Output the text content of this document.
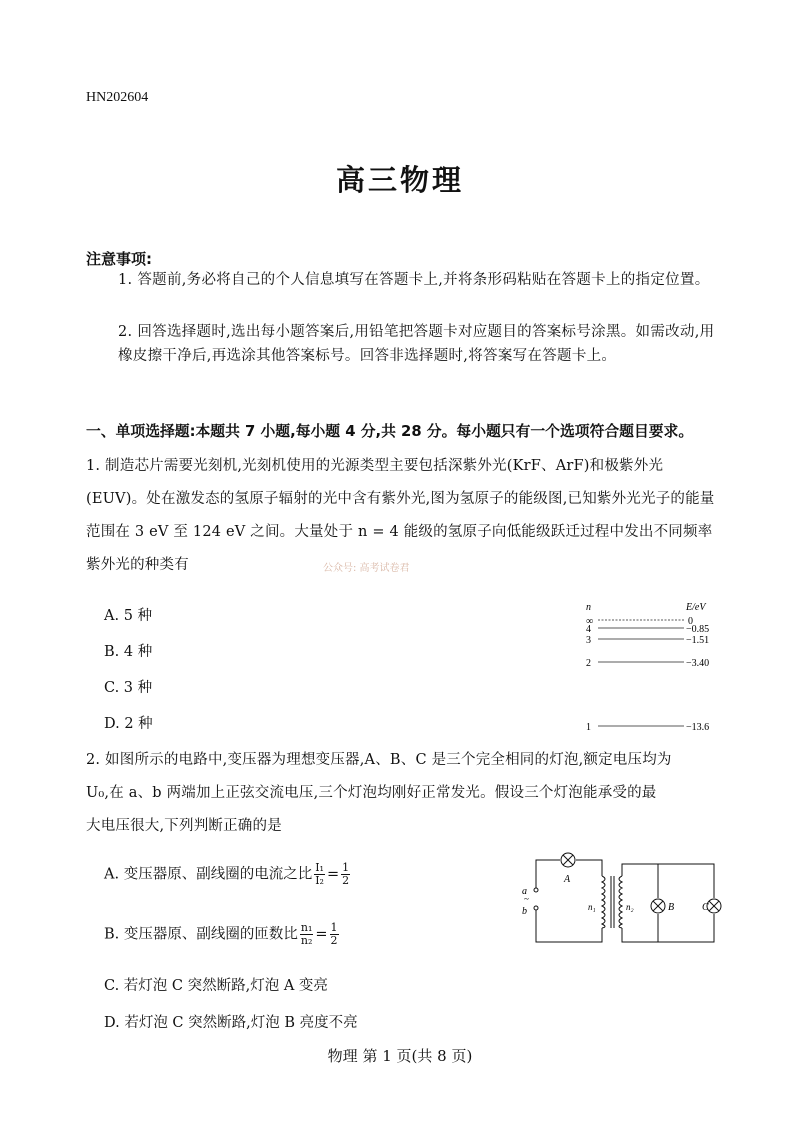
HN202604
高三物理
注意事项:
1. 答题前,务必将自己的个人信息填写在答题卡上,并将条形码粘贴在答题卡上的指定位置。
2. 回答选择题时,选出每小题答案后,用铅笔把答题卡对应题目的答案标号涂黑。如需改动,用橡皮擦干净后,再选涂其他答案标号。回答非选择题时,将答案写在答题卡上。
一、单项选择题:本题共 7 小题,每小题 4 分,共 28 分。每小题只有一个选项符合题目要求。
1. 制造芯片需要光刻机,光刻机使用的光源类型主要包括深紫外光(KrF、ArF)和极紫外光(EUV)。处在激发态的氢原子辐射的光中含有紫外光,图为氢原子的能级图,已知紫外光光子的能量范围在 3 eV 至 124 eV 之间。大量处于 n = 4 能级的氢原子向低能级跃迁过程中发出不同频率紫外光的种类有	公众号: 高考试卷君
A. 5 种
B. 4 种
C. 3 种
D. 2 种
n	E/eV
∞	0
4	−0.85
3	−1.51
2	−3.40
1	−13.6
2. 如图所示的电路中,变压器为理想变压器,A、B、C 是三个完全相同的灯泡,额定电压均为
U₀,在 a、b 两端加上正弦交流电压,三个灯泡均刚好正常发光。假设三个灯泡能承受的最
大电压很大,下列判断正确的是
A. 变压器原、副线圈的电流之比 $\frac{\text{I₁}}{\text{I₂}} = \frac{1}{2}$
B. 变压器原、副线圈的匝数比 $\frac{\text{n₁}}{\text{n₂}} = \frac{1}{2}$
C. 若灯泡 C 突然断路,灯泡 A 变亮
D. 若灯泡 C 突然断路,灯泡 B 亮度不亮
a
~
b
A
n₁	n₂	B	C
物理 第 1 页(共 8 页)
